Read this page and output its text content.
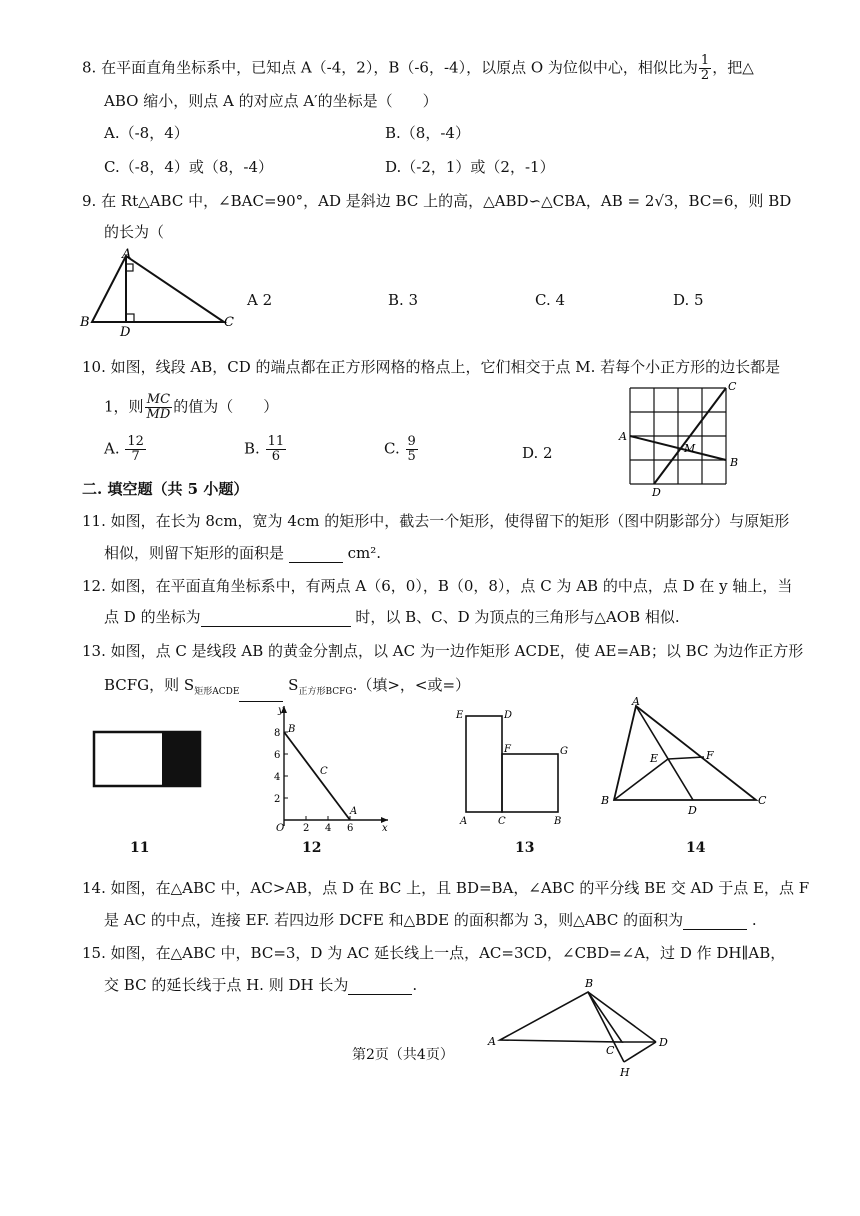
8. 在平面直角坐标系中，已知点 A（-4，2），B（-6，-4），以原点 O 为位似中心，相似比为 $\frac{1}{2}$ ，把△
ABO 缩小，则点 A 的对应点 A′的坐标是（　　）
A.（-8，4）	B.（8，-4）
C.（-8，4）或（8，-4）	D.（-2，1）或（2，-1）
9. 在 Rt△ABC 中，∠BAC=90°，AD 是斜边 BC 上的高，△ABD∽△CBA，AB = 2√3，BC=6，则 BD
的长为（
A
B
D
C
A 2	B. 3	C. 4	D. 5
10. 如图，线段 AB，CD 的端点都在正方形网格的格点上，它们相交于点 M. 若每个小正方形的边长都是
1，则 $\frac{MC}{MD}$ 的值为（　　）
A. $\frac{12}{7}$	B. $\frac{11}{6}$	C. $\frac{9}{5}$	D. 2
C
A
M
B
D
二. 填空题（共 5 小题）
11. 如图，在长为 8cm，宽为 4cm 的矩形中，截去一个矩形，使得留下的矩形（图中阴影部分）与原矩形
相似，则留下矩形的面积是	cm².
12. 如图，在平面直角坐标系中，有两点 A（6，0），B（0，8），点 C 为 AB 的中点，点 D 在 y 轴上，当
点 D 的坐标为	时，以 B、C、D 为顶点的三角形与△AOB 相似.
13. 如图，点 C 是线段 AB 的黄金分割点，以 AC 为一边作矩形 ACDE，使 AE=AB；以 BC 为边作正方形
BCFG，则 $S_{矩形ACDE}$	$S_{正方形BCFG}$.（填>，<或=）
11
y
8 B
6
4
C
2
O 2 4 6
A
x
12
E	D
F	G
A	C	B
13
A
E	F
B
D
C
14
14. 如图，在△ABC 中，AC>AB，点 D 在 BC 上，且 BD=BA，∠ABC 的平分线 BE 交 AD 于点 E，点 F
是 AC 的中点，连接 EF. 若四边形 DCFE 和△BDE 的面积都为 3，则△ABC 的面积为	.
15. 如图，在△ABC 中，BC=3，D 为 AC 延长线上一点，AC=3CD，∠CBD=∠A，过 D 作 DH∥AB，
交 BC 的延长线于点 H. 则 DH 长为	.	B
A
C
D
H
第2页（共4页）
